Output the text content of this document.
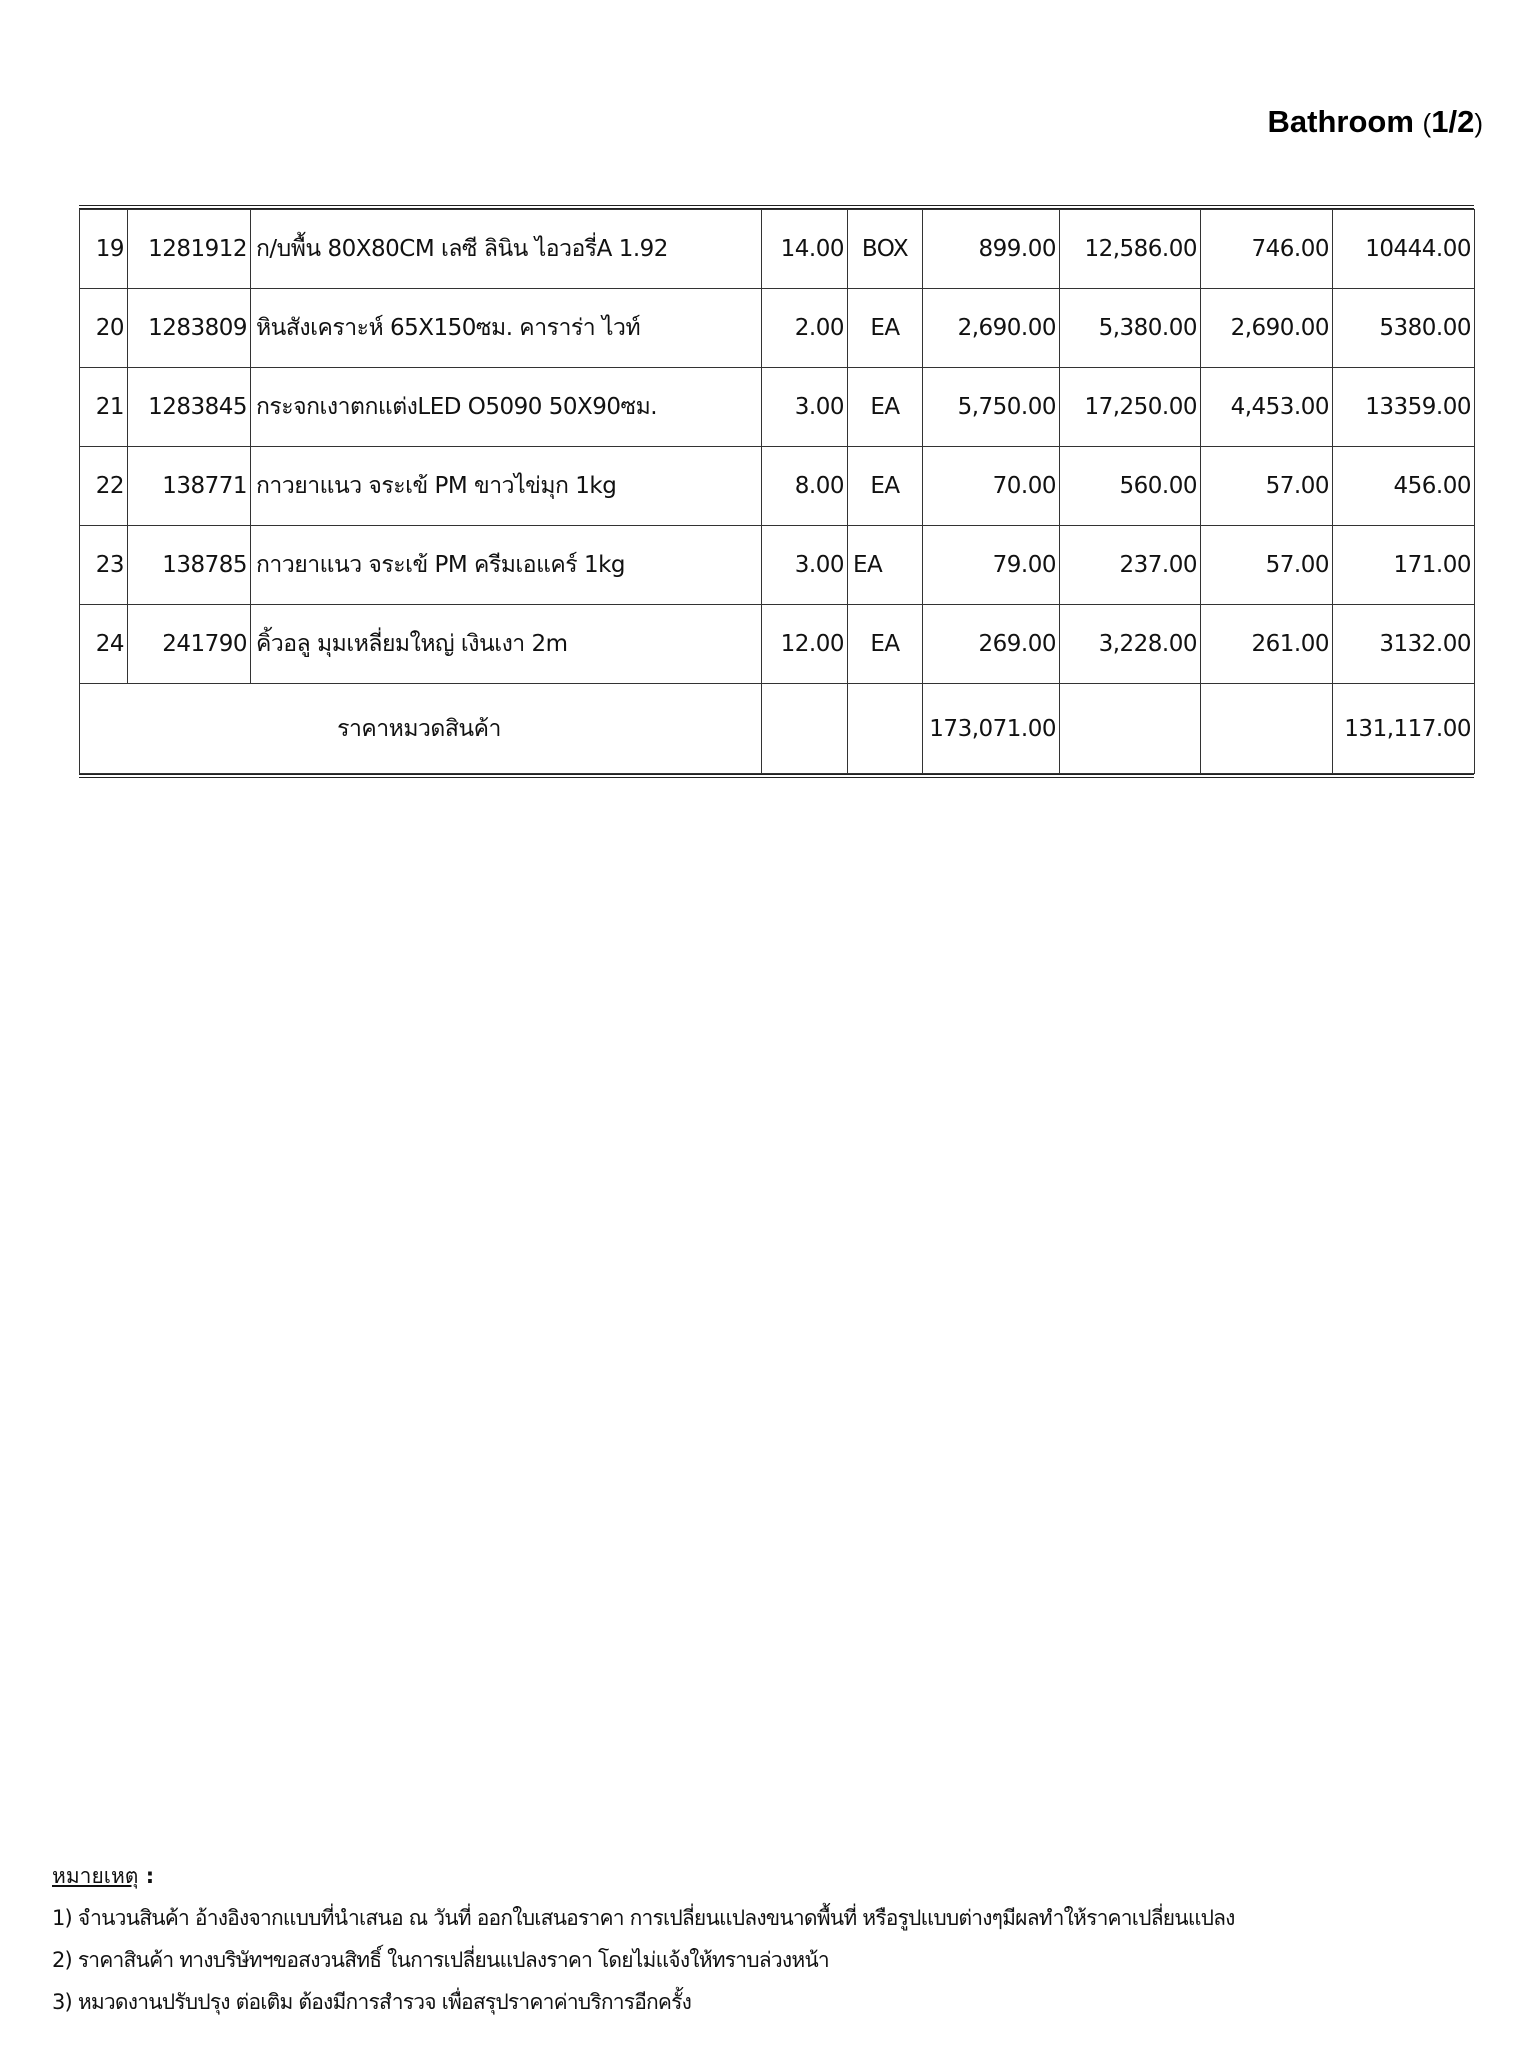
Bathroom (1/2)
19	1281912	ก/บพื้น 80X80CM เลซี ลินิน ไอวอรี่A 1.92	14.00	BOX	899.00	12,586.00	746.00	10444.00
20	1283809	หินสังเคราะห์ 65X150ซม. คาราร่า ไวท์	2.00	EA	2,690.00	5,380.00	2,690.00	5380.00
21	1283845	กระจกเงาตกแต่งLED O5090 50X90ซม.	3.00	EA	5,750.00	17,250.00	4,453.00	13359.00
22	138771	กาวยาแนว จระเข้ PM ขาวไข่มุก 1kg	8.00	EA	70.00	560.00	57.00	456.00
23	138785	กาวยาแนว จระเข้ PM ครีมเอแคร์ 1kg	3.00	EA	79.00	237.00	57.00	171.00
24	241790	คิ้วอลู มุมเหลี่ยมใหญ่ เงินเงา 2m	12.00	EA	269.00	3,228.00	261.00	3132.00
ราคาหมวดสินค้า					173,071.00			131,117.00
หมายเหตุ :
1) จำนวนสินค้า อ้างอิงจากแบบที่นำเสนอ ณ วันที่ ออกใบเสนอราคา การเปลี่ยนแปลงขนาดพื้นที่ หรือรูปแบบต่างๆมีผลทำให้ราคาเปลี่ยนแปลง
2) ราคาสินค้า ทางบริษัทฯขอสงวนสิทธิ์ ในการเปลี่ยนแปลงราคา โดยไม่แจ้งให้ทราบล่วงหน้า
3) หมวดงานปรับปรุง ต่อเติม ต้องมีการสำรวจ เพื่อสรุปราคาค่าบริการอีกครั้ง
